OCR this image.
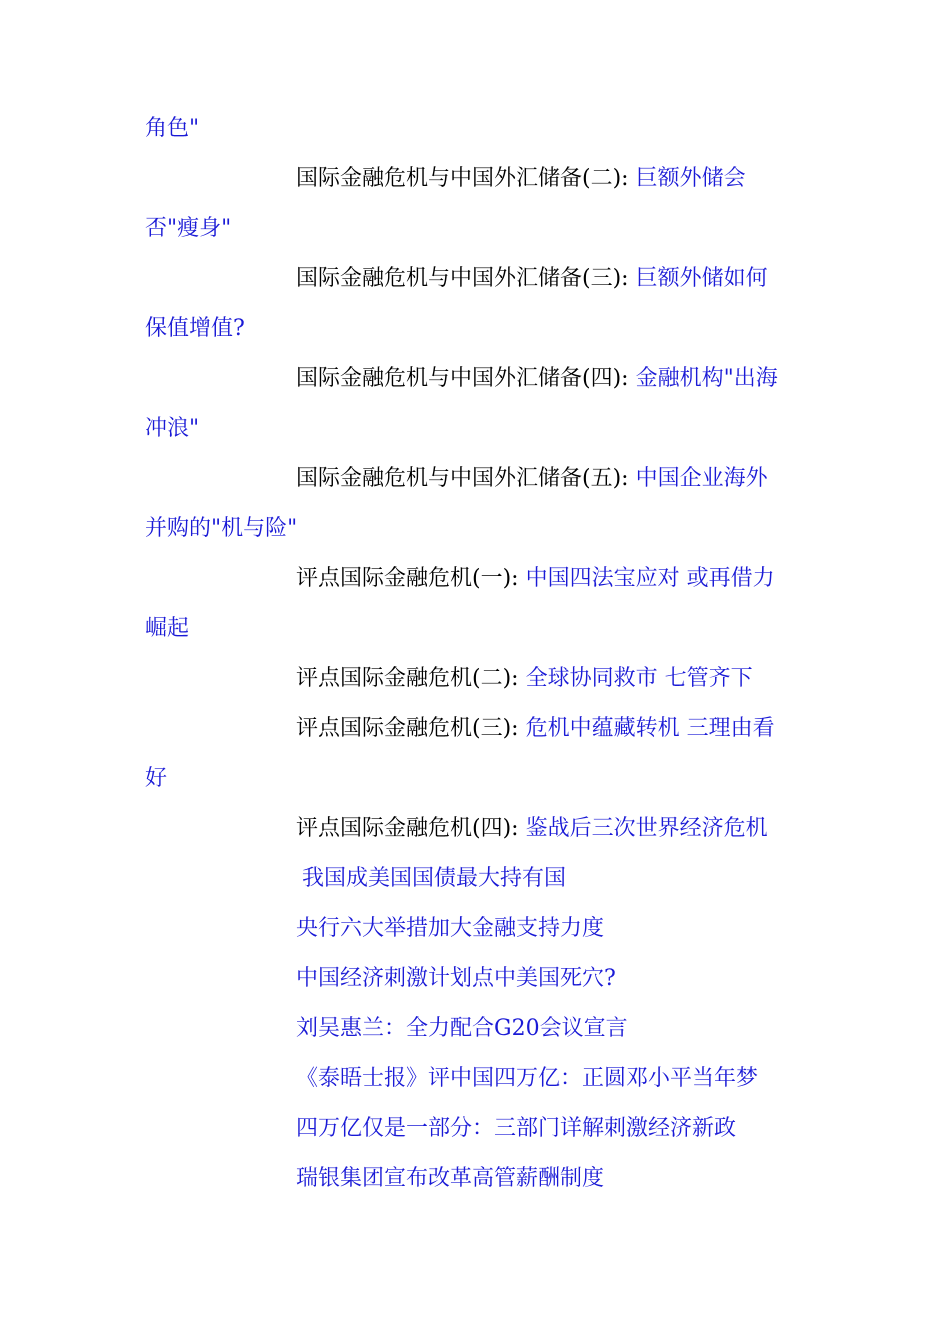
角色"
国际金融危机与中国外汇储备(二): 巨额外储会
否"瘦身"
国际金融危机与中国外汇储备(三): 巨额外储如何
保值增值?
国际金融危机与中国外汇储备(四): 金融机构"出海
冲浪"
国际金融危机与中国外汇储备(五): 中国企业海外
并购的"机与险"
评点国际金融危机(一): 中国四法宝应对 或再借力
崛起
评点国际金融危机(二): 全球协同救市 七管齐下
评点国际金融危机(三): 危机中蕴藏转机 三理由看
好
评点国际金融危机(四): 鉴战后三次世界经济危机
我国成美国国债最大持有国
央行六大举措加大金融支持力度
中国经济刺激计划点中美国死穴?
刘吴惠兰：全力配合G20会议宣言
《泰晤士报》评中国四万亿：正圆邓小平当年梦
四万亿仅是一部分：三部门详解刺激经济新政
瑞银集团宣布改革高管薪酬制度
